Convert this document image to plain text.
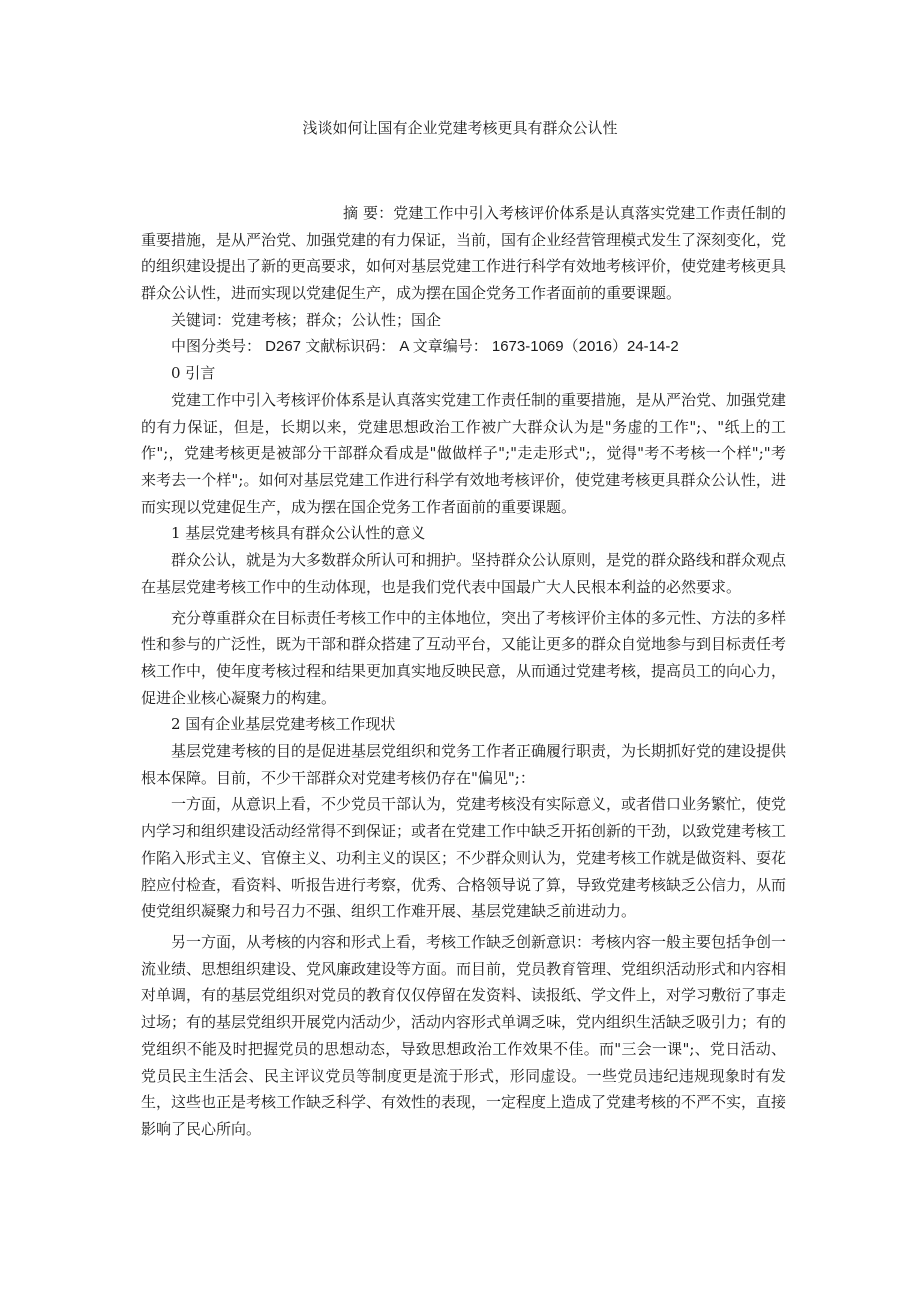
浅谈如何让国有企业党建考核更具有群众公认性

摘 要：党建工作中引入考核评价体系是认真落实党建工作责任制的重要措施，是从严治党、加强党建的有力保证，当前，国有企业经营管理模式发生了深刻变化，党的组织建设提出了新的更高要求，如何对基层党建工作进行科学有效地考核评价，使党建考核更具群众公认性，进而实现以党建促生产，成为摆在国企党务工作者面前的重要课题。

关键词：党建考核；群众；公认性；国企

中图分类号： D267 文献标识码： A 文章编号： 1673-1069（2016）24-14-2

0 引言

党建工作中引入考核评价体系是认真落实党建工作责任制的重要措施，是从严治党、加强党建的有力保证，但是，长期以来，党建思想政治工作被广大群众认为是"务虚的工作";、"纸上的工作";，党建考核更是被部分干部群众看成是"做做样子";"走走形式";，觉得"考不考核一个样";"考来考去一个样";。如何对基层党建工作进行科学有效地考核评价，使党建考核更具群众公认性，进而实现以党建促生产，成为摆在国企党务工作者面前的重要课题。

1 基层党建考核具有群众公认性的意义

群众公认，就是为大多数群众所认可和拥护。坚持群众公认原则，是党的群众路线和群众观点在基层党建考核工作中的生动体现，也是我们党代表中国最广大人民根本利益的必然要求。

充分尊重群众在目标责任考核工作中的主体地位，突出了考核评价主体的多元性、方法的多样性和参与的广泛性，既为干部和群众搭建了互动平台，又能让更多的群众自觉地参与到目标责任考核工作中，使年度考核过程和结果更加真实地反映民意，从而通过党建考核，提高员工的向心力，促进企业核心凝聚力的构建。

2 国有企业基层党建考核工作现状

基层党建考核的目的是促进基层党组织和党务工作者正确履行职责，为长期抓好党的建设提供根本保障。目前，不少干部群众对党建考核仍存在"偏见";：

一方面，从意识上看，不少党员干部认为，党建考核没有实际意义，或者借口业务繁忙，使党内学习和组织建设活动经常得不到保证；或者在党建工作中缺乏开拓创新的干劲，以致党建考核工作陷入形式主义、官僚主义、功利主义的误区；不少群众则认为，党建考核工作就是做资料、耍花腔应付检查，看资料、听报告进行考察，优秀、合格领导说了算，导致党建考核缺乏公信力，从而使党组织凝聚力和号召力不强、组织工作难开展、基层党建缺乏前进动力。

另一方面，从考核的内容和形式上看，考核工作缺乏创新意识：考核内容一般主要包括争创一流业绩、思想组织建设、党风廉政建设等方面。而目前，党员教育管理、党组织活动形式和内容相对单调，有的基层党组织对党员的教育仅仅停留在发资料、读报纸、学文件上，对学习敷衍了事走过场；有的基层党组织开展党内活动少，活动内容形式单调乏味，党内组织生活缺乏吸引力；有的党组织不能及时把握党员的思想动态，导致思想政治工作效果不佳。而"三会一课";、党日活动、党员民主生活会、民主评议党员等制度更是流于形式，形同虚设。一些党员违纪违规现象时有发生，这些也正是考核工作缺乏科学、有效性的表现，一定程度上造成了党建考核的不严不实，直接影响了民心所向。
